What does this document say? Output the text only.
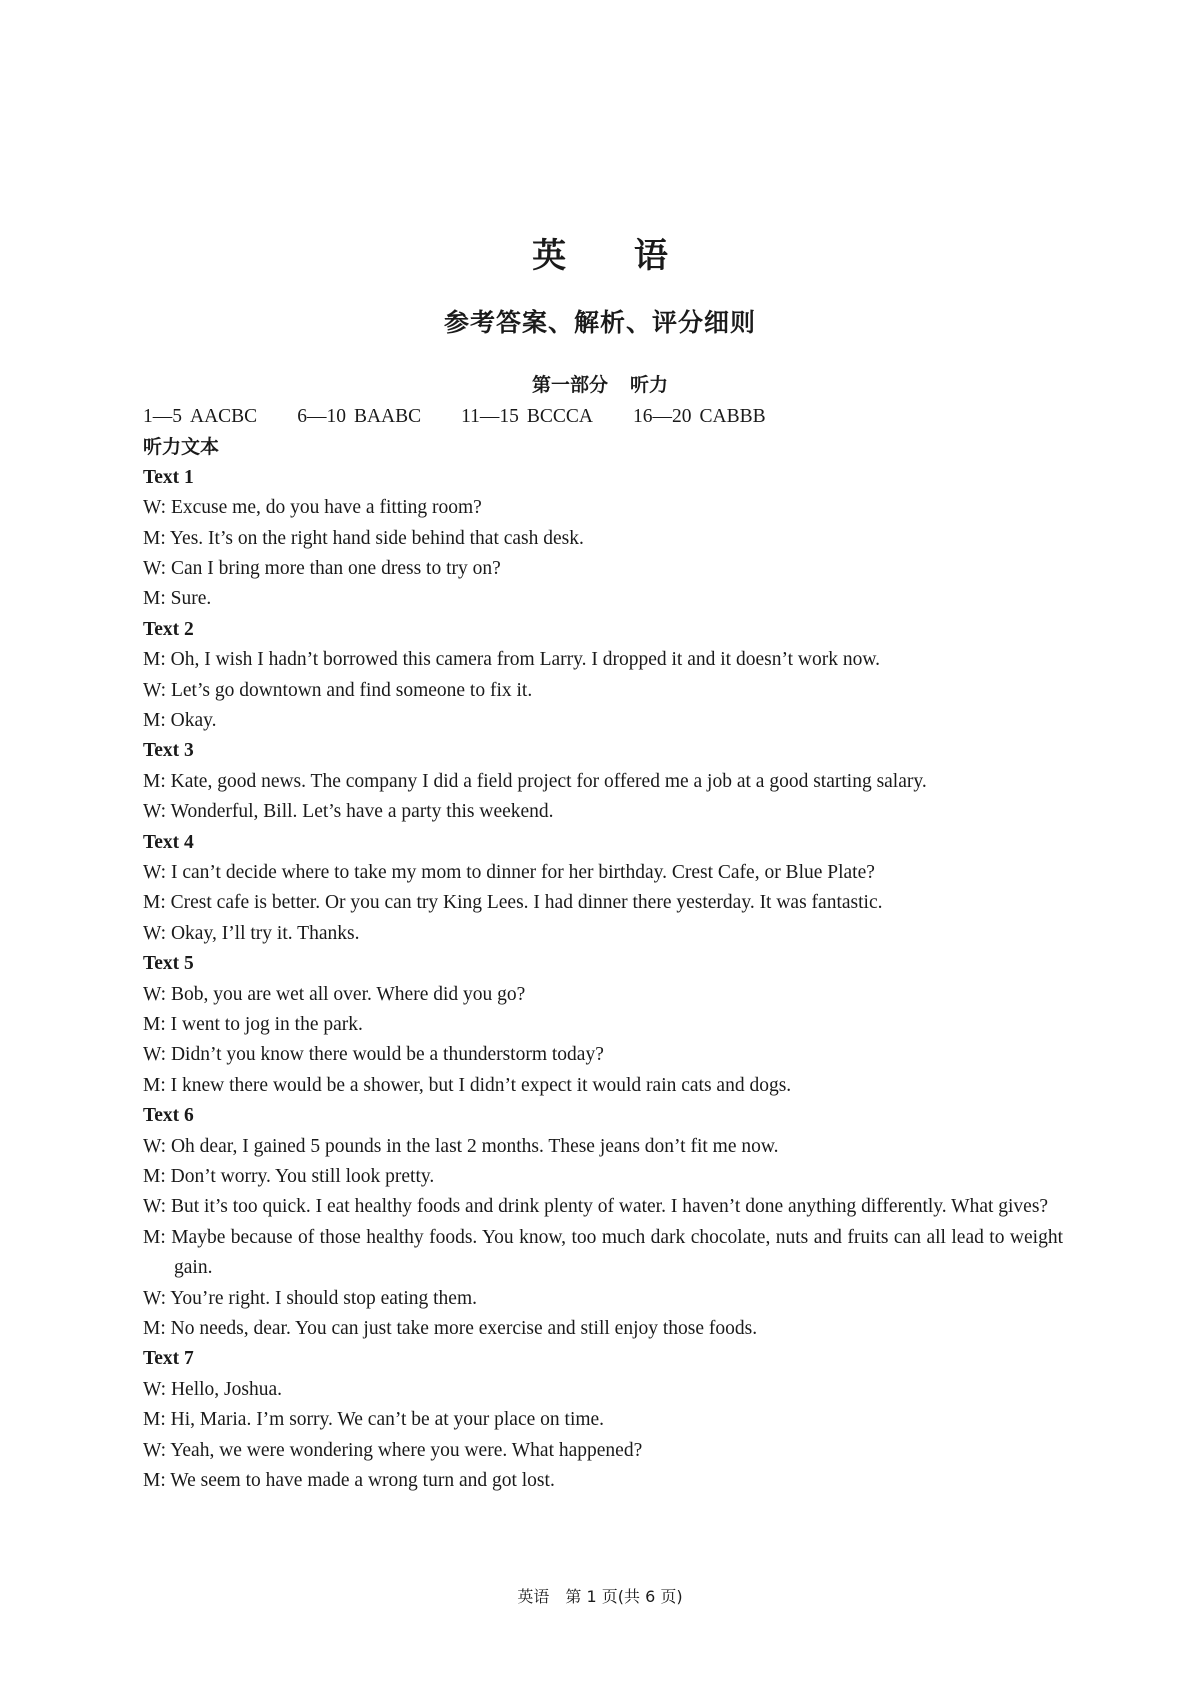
英 语
参考答案、解析、评分细则
第一部分 听力
1—5 AACBC 6—10 BAABC 11—15 BCCCA 16—20 CABBB
听力文本
Text 1
W: Excuse me, do you have a fitting room?
M: Yes. It’s on the right hand side behind that cash desk.
W: Can I bring more than one dress to try on?
M: Sure.
Text 2
M: Oh, I wish I hadn’t borrowed this camera from Larry. I dropped it and it doesn’t work now.
W: Let’s go downtown and find someone to fix it.
M: Okay.
Text 3
M: Kate, good news. The company I did a field project for offered me a job at a good starting salary.
W: Wonderful, Bill. Let’s have a party this weekend.
Text 4
W: I can’t decide where to take my mom to dinner for her birthday. Crest Cafe, or Blue Plate?
M: Crest cafe is better. Or you can try King Lees. I had dinner there yesterday. It was fantastic.
W: Okay, I’ll try it. Thanks.
Text 5
W: Bob, you are wet all over. Where did you go?
M: I went to jog in the park.
W: Didn’t you know there would be a thunderstorm today?
M: I knew there would be a shower, but I didn’t expect it would rain cats and dogs.
Text 6
W: Oh dear, I gained 5 pounds in the last 2 months. These jeans don’t fit me now.
M: Don’t worry. You still look pretty.
W: But it’s too quick. I eat healthy foods and drink plenty of water. I haven’t done anything differently. What gives?
M: Maybe because of those healthy foods. You know, too much dark chocolate, nuts and fruits can all lead to weight gain.
W: You’re right. I should stop eating them.
M: No needs, dear. You can just take more exercise and still enjoy those foods.
Text 7
W: Hello, Joshua.
M: Hi, Maria. I’m sorry. We can’t be at your place on time.
W: Yeah, we were wondering where you were. What happened?
M: We seem to have made a wrong turn and got lost.
英语　第 1 页(共 6 页)
